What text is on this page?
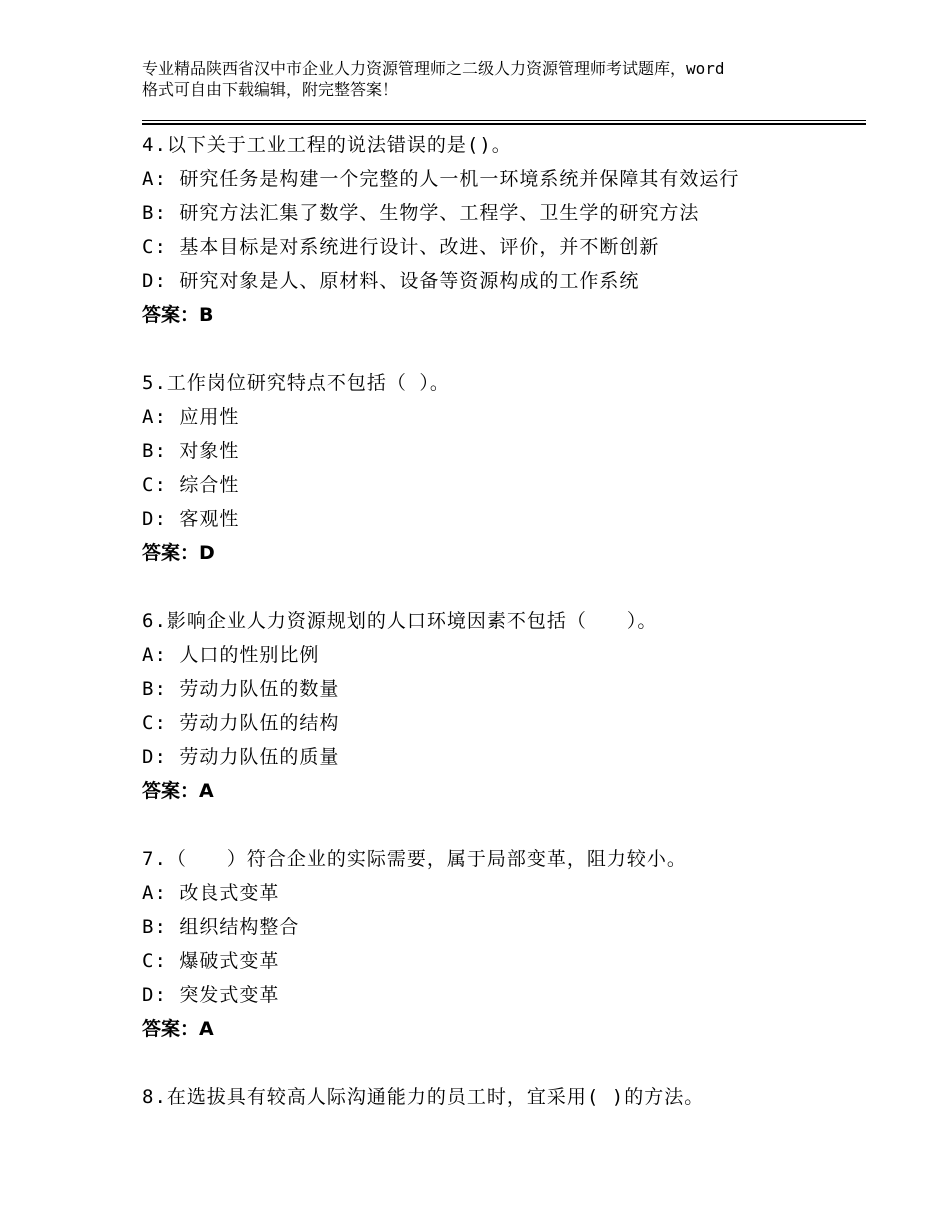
专业精品陕西省汉中市企业人力资源管理师之二级人力资源管理师考试题库，word
格式可自由下载编辑，附完整答案！
4.以下关于工业工程的说法错误的是()。
A: 研究任务是构建一个完整的人一机一环境系统并保障其有效运行
B: 研究方法汇集了数学、生物学、工程学、卫生学的研究方法
C: 基本目标是对系统进行设计、改进、评价，并不断创新
D: 研究对象是人、原材料、设备等资源构成的工作系统
答案：B
5.工作岗位研究特点不包括（ ）。
A: 应用性
B: 对象性
C: 综合性
D: 客观性
答案：D
6.影响企业人力资源规划的人口环境因素不包括（　　）。
A: 人口的性别比例
B: 劳动力队伍的数量
C: 劳动力队伍的结构
D: 劳动力队伍的质量
答案：A
7.（　　）符合企业的实际需要，属于局部变革，阻力较小。
A: 改良式变革
B: 组织结构整合
C: 爆破式变革
D: 突发式变革
答案：A
8.在选拔具有较高人际沟通能力的员工时，宜采用( )的方法。
